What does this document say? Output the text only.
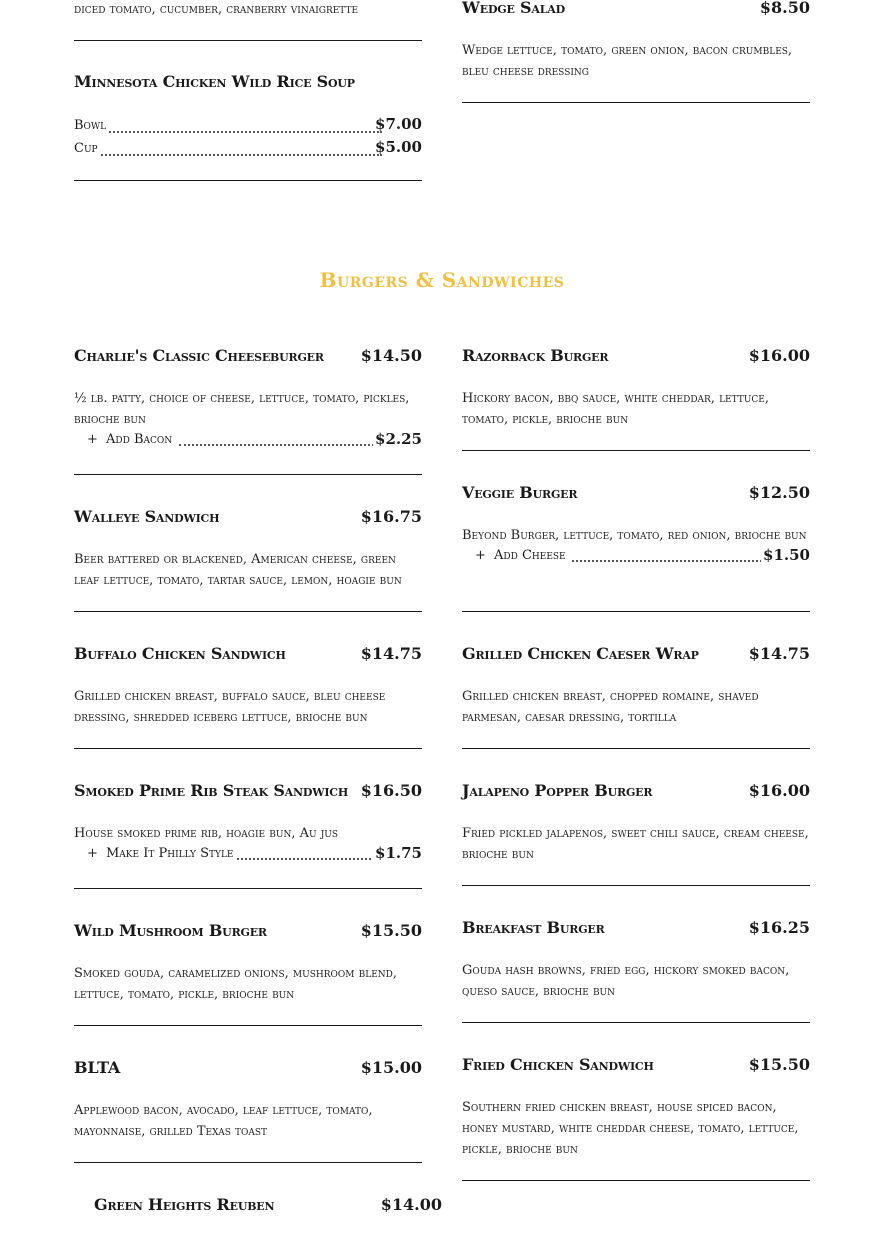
diced tomato, cucumber, cranberry vinaigrette
Minnesota Chicken Wild Rice Soup
Bowl	$7.00
Cup	$5.00
Wedge Salad	$8.50
Wedge lettuce, tomato, green onion, bacon crumbles, bleu cheese dressing
Burgers & Sandwiches
Charlie's Classic Cheeseburger $14.50
½ lb. patty, choice of cheese, lettuce, tomato, pickles, brioche bun
+ Add Bacon	$2.25
Walleye Sandwich	$16.75
Beer battered or blackened, American cheese, green leaf lettuce, tomato, tartar sauce, lemon, hoagie bun
Buffalo Chicken Sandwich	$14.75
Grilled chicken breast, buffalo sauce, bleu cheese dressing, shredded iceberg lettuce, brioche bun
Smoked Prime Rib Steak Sandwich $16.50
House smoked prime rib, hoagie bun, Au jus
+ Make It Philly Style	$1.75
Wild Mushroom Burger	$15.50
Smoked gouda, caramelized onions, mushroom blend, lettuce, tomato, pickle, brioche bun
BLTA	$15.00
Applewood bacon, avocado, leaf lettuce, tomato, mayonnaise, grilled Texas toast
Green Heights Reuben	$14.00
Razorback Burger	$16.00
Hickory bacon, bbq sauce, white cheddar, lettuce, tomato, pickle, brioche bun
Veggie Burger	$12.50
Beyond Burger, lettuce, tomato, red onion, brioche bun
+ Add Cheese	$1.50
Grilled Chicken Caeser Wrap	$14.75
Grilled chicken breast, chopped romaine, shaved parmesan, caesar dressing, tortilla
Jalapeno Popper Burger	$16.00
Fried pickled jalapenos, sweet chili sauce, cream cheese, brioche bun
Breakfast Burger	$16.25
Gouda hash browns, fried egg, hickory smoked bacon, queso sauce, brioche bun
Fried Chicken Sandwich	$15.50
Southern fried chicken breast, house spiced bacon, honey mustard, white cheddar cheese, tomato, lettuce, pickle, brioche bun
